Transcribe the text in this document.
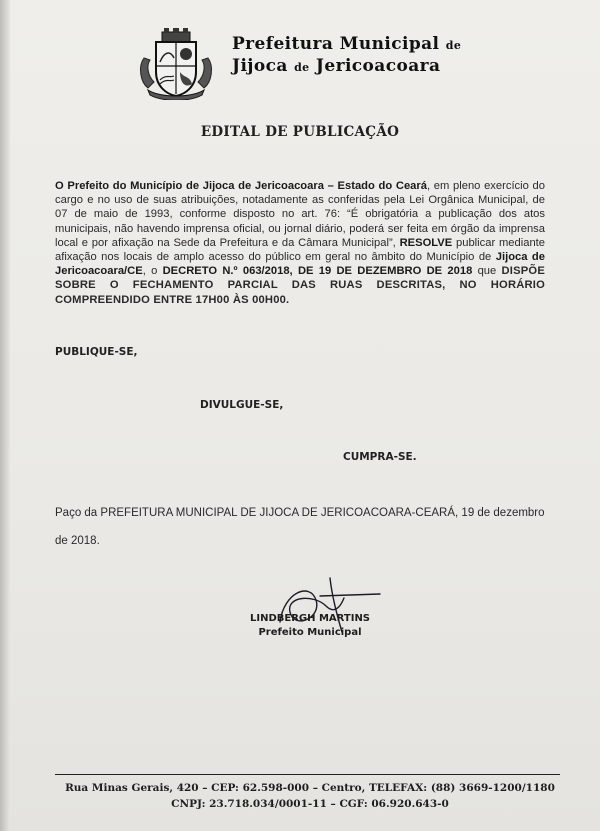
Prefeitura Municipal de
Jijoca de Jericoacoara
EDITAL DE PUBLICAÇÃO
O Prefeito do Município de Jijoca de Jericoacoara – Estado do Ceará, em pleno exercício do cargo e no uso de suas atribuições, notadamente as conferidas pela Lei Orgânica Municipal, de 07 de maio de 1993, conforme disposto no art. 76: “É obrigatória a publicação dos atos municipais, não havendo imprensa oficial, ou jornal diário, poderá ser feita em órgão da imprensa local e por afixação na Sede da Prefeitura e da Câmara Municipal”, RESOLVE publicar mediante afixação nos locais de amplo acesso do público em geral no âmbito do Município de Jijoca de Jericoacoara/CE, o DECRETO N.º 063/2018, DE 19 DE DEZEMBRO DE 2018 que DISPÕE SOBRE O FECHAMENTO PARCIAL DAS RUAS DESCRITAS, NO HORÁRIO COMPREENDIDO ENTRE 17H00 ÀS 00H00.
PUBLIQUE-SE,
DIVULGUE-SE,
CUMPRA-SE.
Paço da PREFEITURA MUNICIPAL DE JIJOCA DE JERICOACOARA-CEARÁ, 19 de dezembro de 2018.
LINDBERGH MARTINS
Prefeito Municipal
Rua Minas Gerais, 420 – CEP: 62.598-000 – Centro, TELEFAX: (88) 3669-1200/1180
CNPJ: 23.718.034/0001-11 – CGF: 06.920.643-0
